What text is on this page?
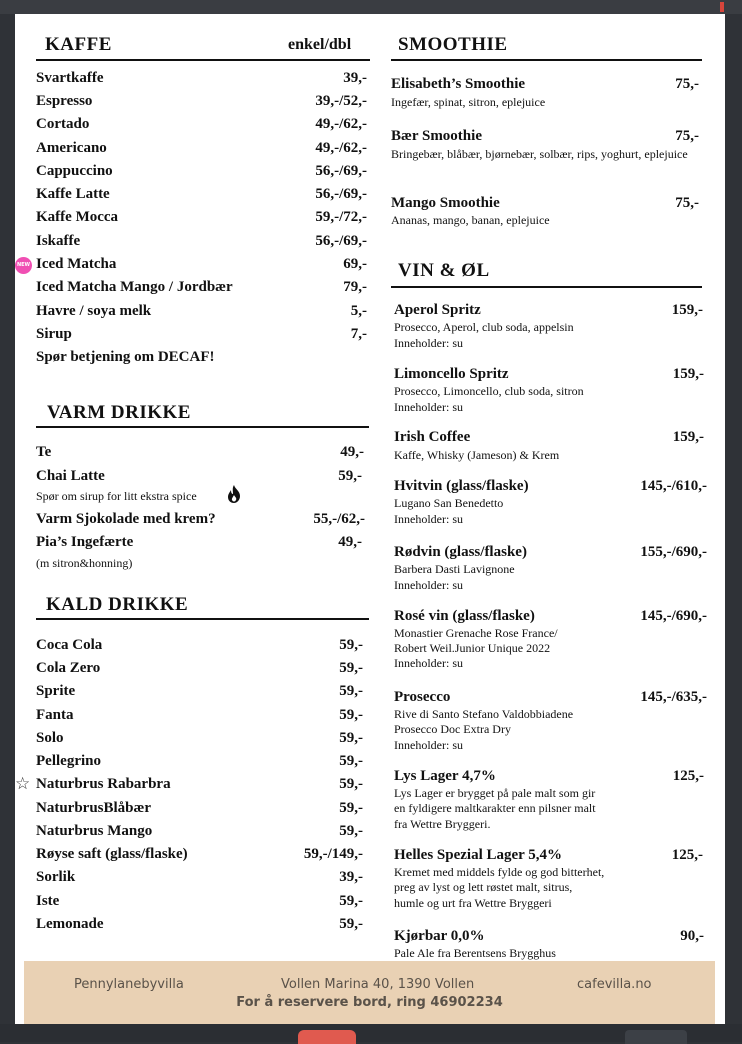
KAFFE	enkel/dbl
Svartkaffe	39,-
Espresso	39,-/52,-
Cortado	49,-/62,-
Americano	49,-/62,-
Cappuccino	56,-/69,-
Kaffe Latte	56,-/69,-
Kaffe Mocca	59,-/72,-
Iskaffe	56,-/69,-
NEW Iced Matcha	69,-
Iced Matcha Mango / Jordbær	79,-
Havre / soya melk	5,-
Sirup	7,-
Spør betjening om DECAF!
VARM DRIKKE
Te	49,-
Chai Latte	59,-
Spør om sirup for litt ekstra spice
Varm Sjokolade med krem?	55,-/62,-
Pia’s Ingefærte	49,-
(m sitron&honning)
KALD DRIKKE
Coca Cola	59,-
Cola Zero	59,-
Sprite	59,-
Fanta	59,-
Solo	59,-
Pellegrino	59,-
☆ Naturbrus Rabarbra	59,-
NaturbrusBlåbær	59,-
Naturbrus Mango	59,-
Røyse saft (glass/flaske)	59,-/149,-
Sorlik	39,-
Iste	59,-
Lemonade	59,-
SMOOTHIE
Elisabeth’s Smoothie	75,-
Ingefær, spinat, sitron, eplejuice
Bær Smoothie	75,-
Bringebær, blåbær, bjørnebær, solbær, rips, yoghurt, eplejuice
Mango Smoothie	75,-
Ananas, mango, banan, eplejuice
VIN & ØL
Aperol Spritz	159,-
Prosecco, Aperol, club soda, appelsin
Inneholder: su
Limoncello Spritz	159,-
Prosecco, Limoncello, club soda, sitron
Inneholder: su
Irish Coffee	159,-
Kaffe, Whisky (Jameson) & Krem
Hvitvin (glass/flaske)	145,-/610,-
Lugano San Benedetto
Inneholder: su
Rødvin (glass/flaske)	155,-/690,-
Barbera Dasti Lavignone
Inneholder: su
Rosé vin (glass/flaske)	145,-/690,-
Monastier Grenache Rose France/
Robert Weil.Junior Unique 2022
Inneholder: su
Prosecco	145,-/635,-
Rive di Santo Stefano Valdobbiadene
Prosecco Doc Extra Dry
Inneholder: su
Lys Lager 4,7%	125,-
Lys Lager er brygget på pale malt som gir
en fyldigere maltkarakter enn pilsner malt
fra Wettre Bryggeri.
Helles Spezial Lager 5,4%	125,-
Kremet med middels fylde og god bitterhet,
preg av lyst og lett røstet malt, sitrus,
humle og urt fra Wettre Bryggeri
Kjørbar 0,0%	90,-
Pale Ale fra Berentsens Brygghus
Pennylanebyvilla	Vollen Marina 40, 1390 Vollen	cafevilla.no
For å reservere bord, ring 46902234
